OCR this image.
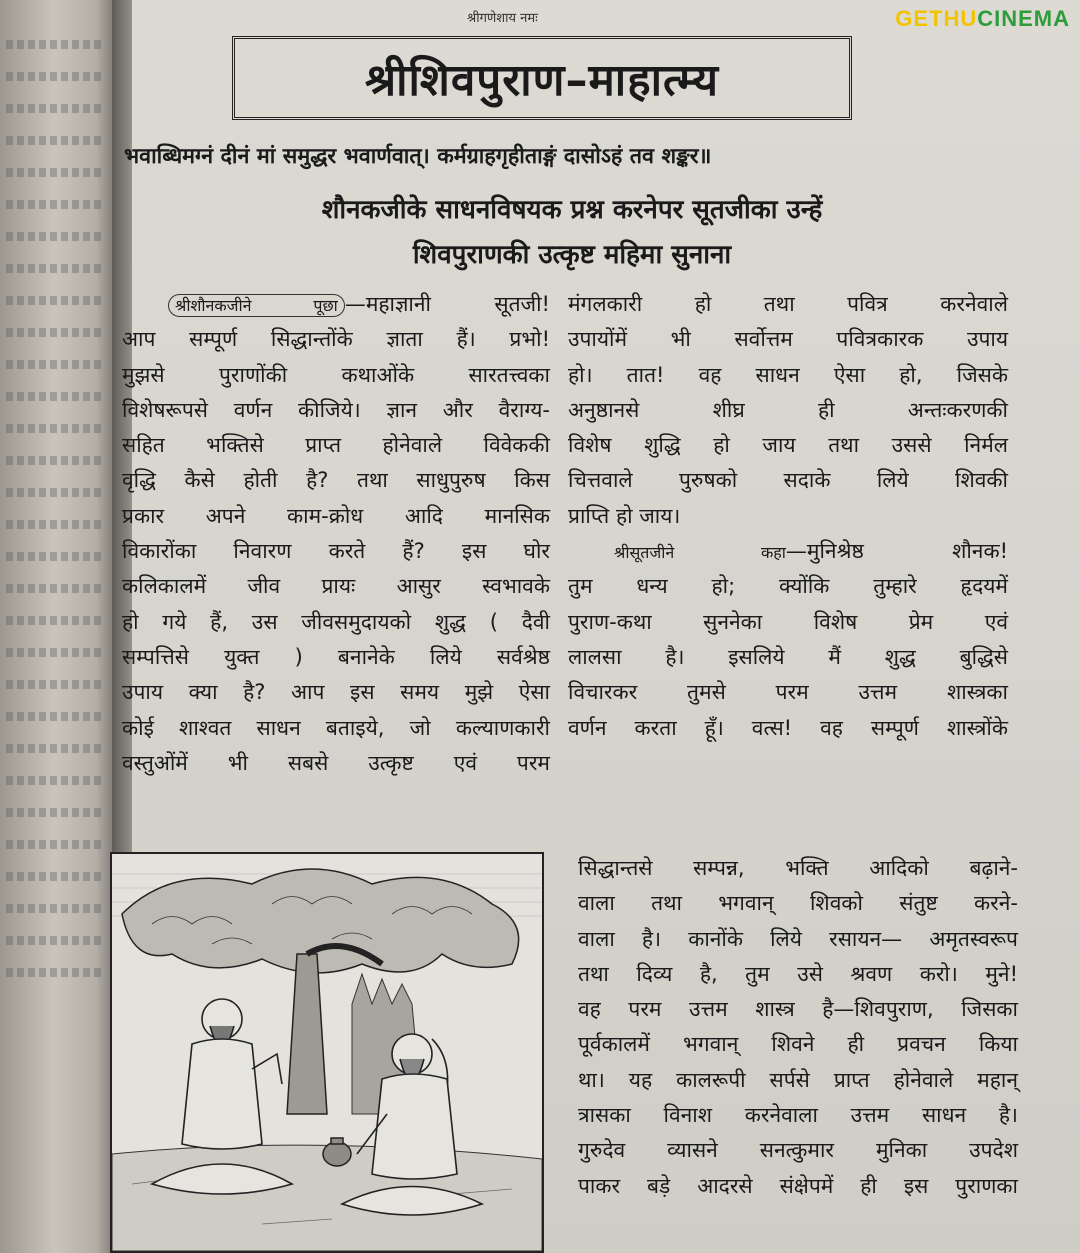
GETHUCINEMA
श्रीगणेशाय नमः
श्रीशिवपुराण–माहात्म्य
भवाब्धिमग्नं दीनं मां समुद्धर भवार्णवात्। कर्मग्राहगृहीताङ्गं दासोऽहं तव शङ्कर॥
शौनकजीके साधनविषयक प्रश्न करनेपर सूतजीका उन्हें
शिवपुराणकी उत्कृष्ट महिमा सुनाना
श्रीशौनकजीने पूछा —महाज्ञानी सूतजी!
आप सम्पूर्ण सिद्धान्तोंके ज्ञाता हैं। प्रभो!
मुझसे पुराणोंकी कथाओंके सारतत्त्वका
विशेषरूपसे वर्णन कीजिये। ज्ञान और वैराग्य-
सहित भक्तिसे प्राप्त होनेवाले विवेककी
वृद्धि कैसे होती है? तथा साधुपुरुष किस
प्रकार अपने काम-क्रोध आदि मानसिक
विकारोंका निवारण करते हैं? इस घोर
कलिकालमें जीव प्रायः आसुर स्वभावके
हो गये हैं, उस जीवसमुदायको शुद्ध ( दैवी
सम्पत्तिसे युक्त ) बनानेके लिये सर्वश्रेष्ठ
उपाय क्या है? आप इस समय मुझे ऐसा
कोई शाश्वत साधन बताइये, जो कल्याणकारी
वस्तुओंमें भी सबसे उत्कृष्ट एवं परम
मंगलकारी हो तथा पवित्र करनेवाले
उपायोंमें भी सर्वोत्तम पवित्रकारक उपाय
हो। तात! वह साधन ऐसा हो, जिसके
अनुष्ठानसे शीघ्र ही अन्तःकरणकी
विशेष शुद्धि हो जाय तथा उससे निर्मल
चित्तवाले पुरुषको सदाके लिये शिवकी
प्राप्ति हो जाय।
श्रीसूतजीने कहा—मुनिश्रेष्ठ शौनक!
तुम धन्य हो; क्योंकि तुम्हारे हृदयमें
पुराण-कथा सुननेका विशेष प्रेम एवं
लालसा है। इसलिये मैं शुद्ध बुद्धिसे
विचारकर तुमसे परम उत्तम शास्त्रका
वर्णन करता हूँ। वत्स! वह सम्पूर्ण शास्त्रोंके
सिद्धान्तसे सम्पन्न, भक्ति आदिको बढ़ाने-
वाला तथा भगवान् शिवको संतुष्ट करने-
वाला है। कानोंके लिये रसायन— अमृतस्वरूप
तथा दिव्य है, तुम उसे श्रवण करो। मुने!
वह परम उत्तम शास्त्र है—शिवपुराण, जिसका
पूर्वकालमें भगवान् शिवने ही प्रवचन किया
था। यह कालरूपी सर्पसे प्राप्त होनेवाले महान्
त्रासका विनाश करनेवाला उत्तम साधन है।
गुरुदेव व्यासने सनत्कुमार मुनिका उपदेश
पाकर बड़े आदरसे संक्षेपमें ही इस पुराणका
